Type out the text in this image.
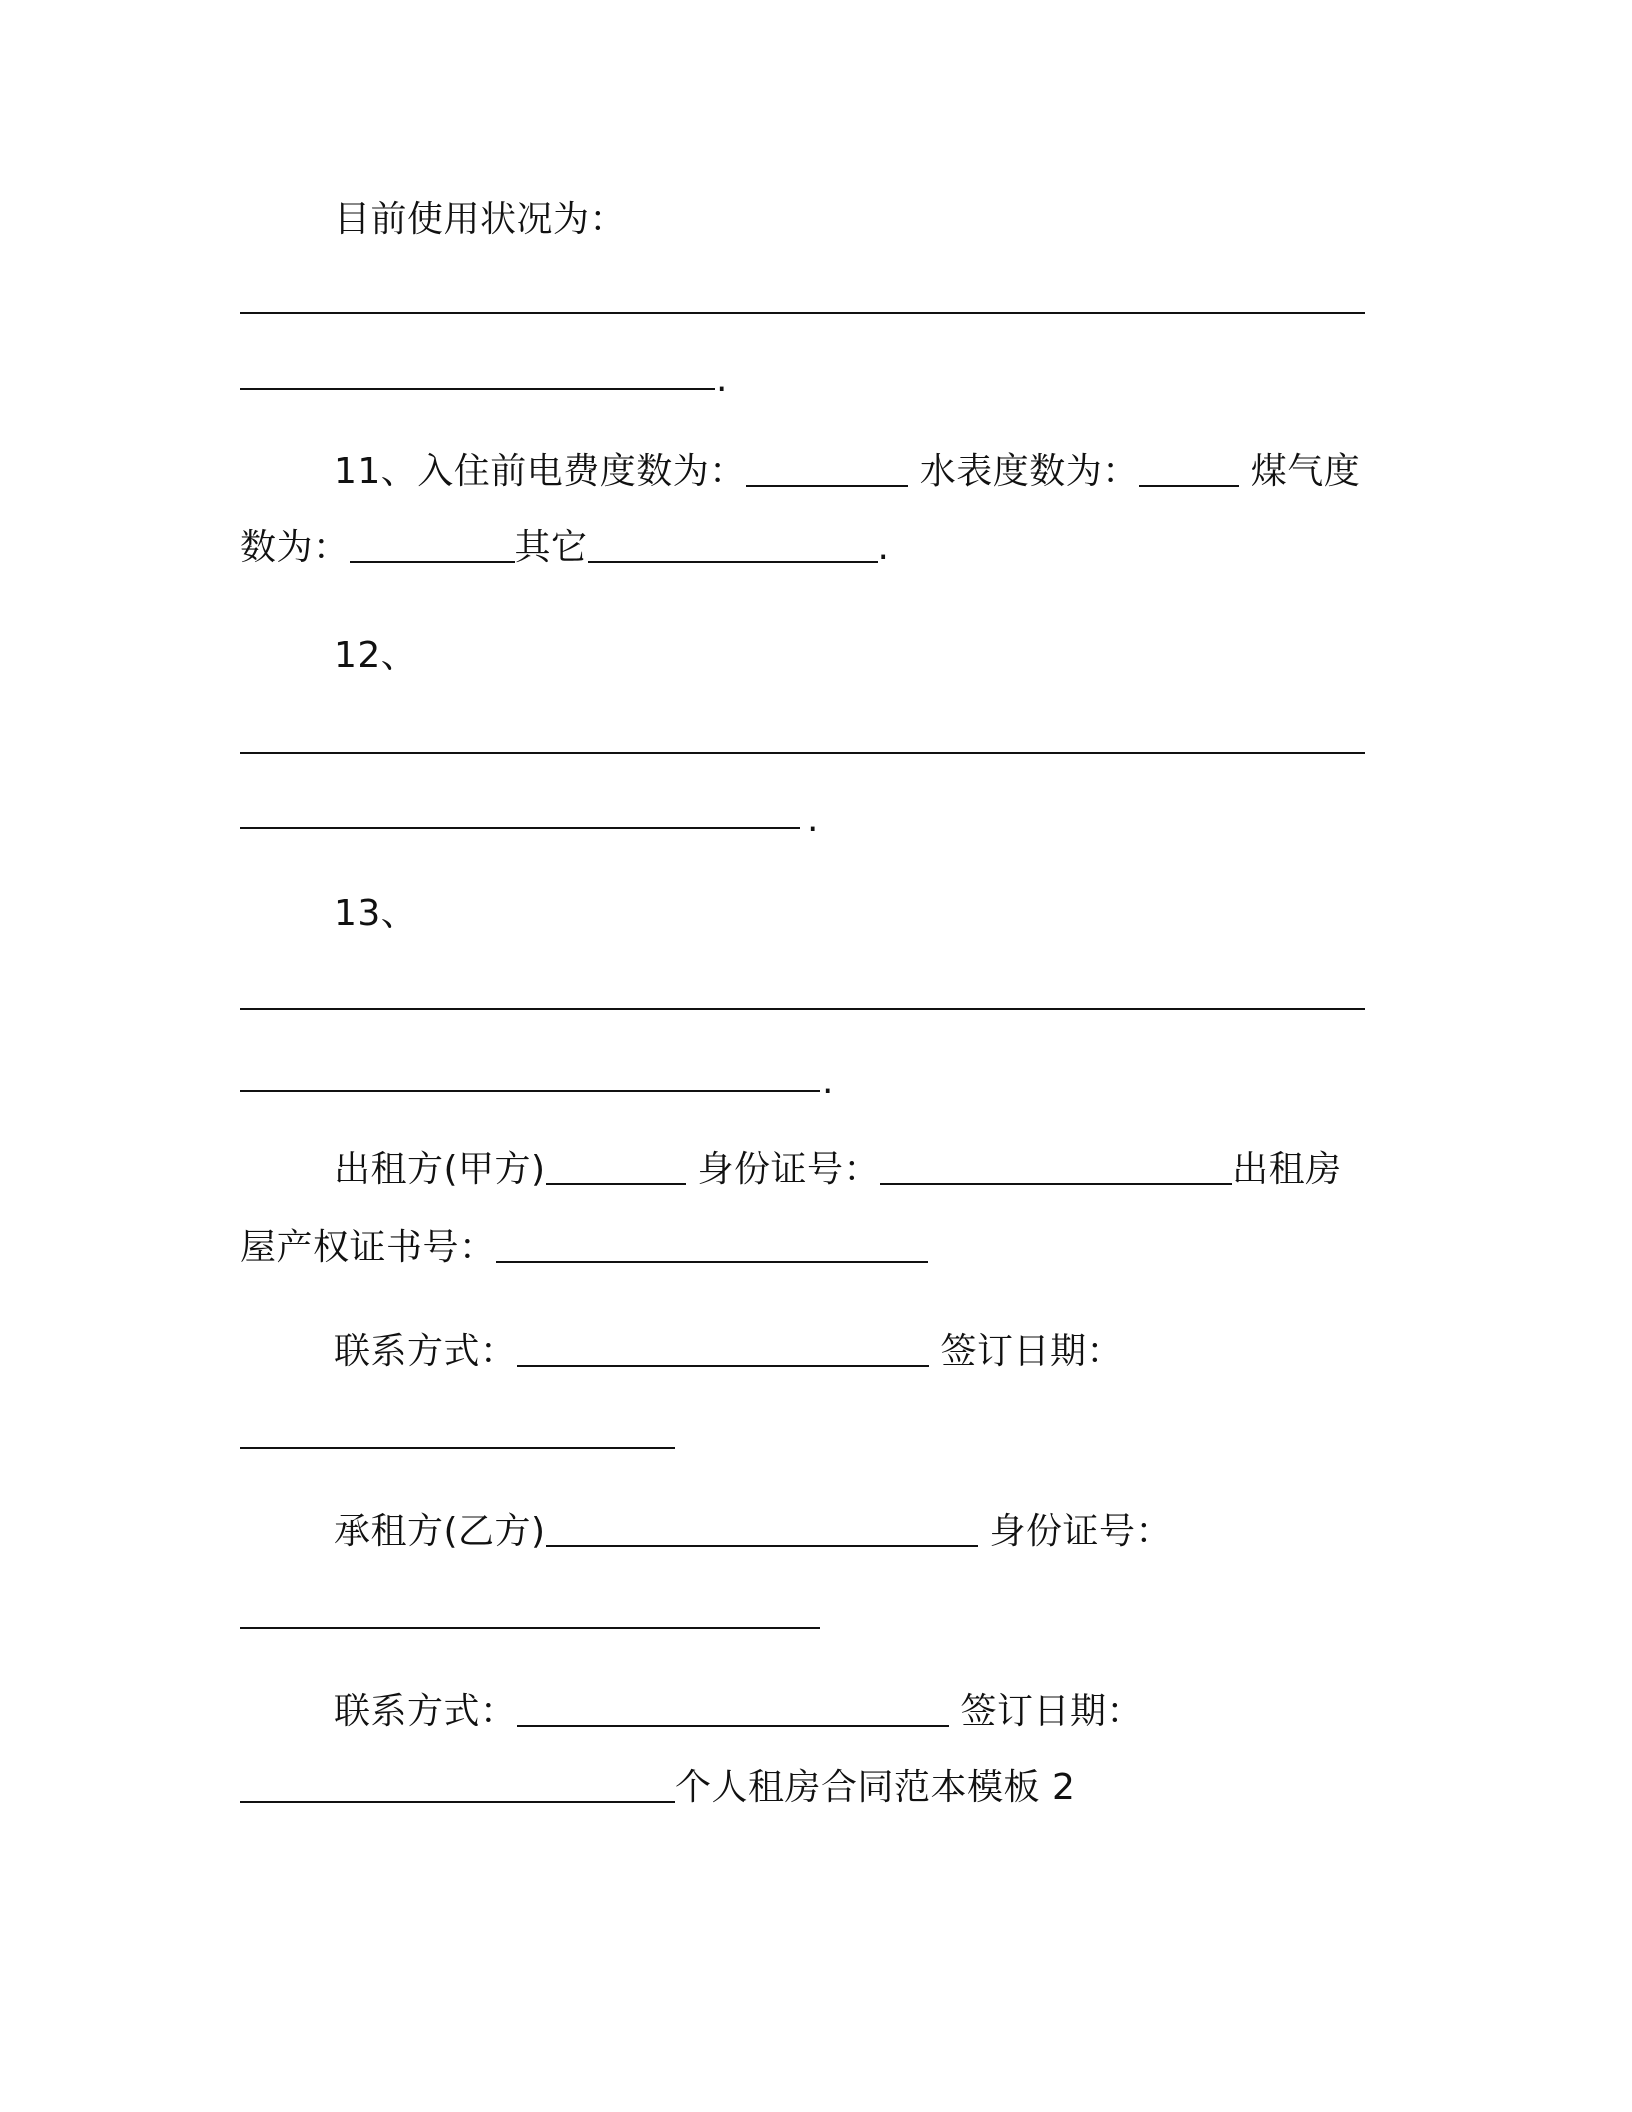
目前使用状况为：
.
11、入住前电费度数为：	水表度数为：	煤气度
数为：	其它	.
12、
.
13、
.
出租方(甲方)	身份证号：	出租房
屋产权证书号：
联系方式：	签订日期：
承租方(乙方)	身份证号：
联系方式：	签订日期：
个人租房合同范本模板 2
